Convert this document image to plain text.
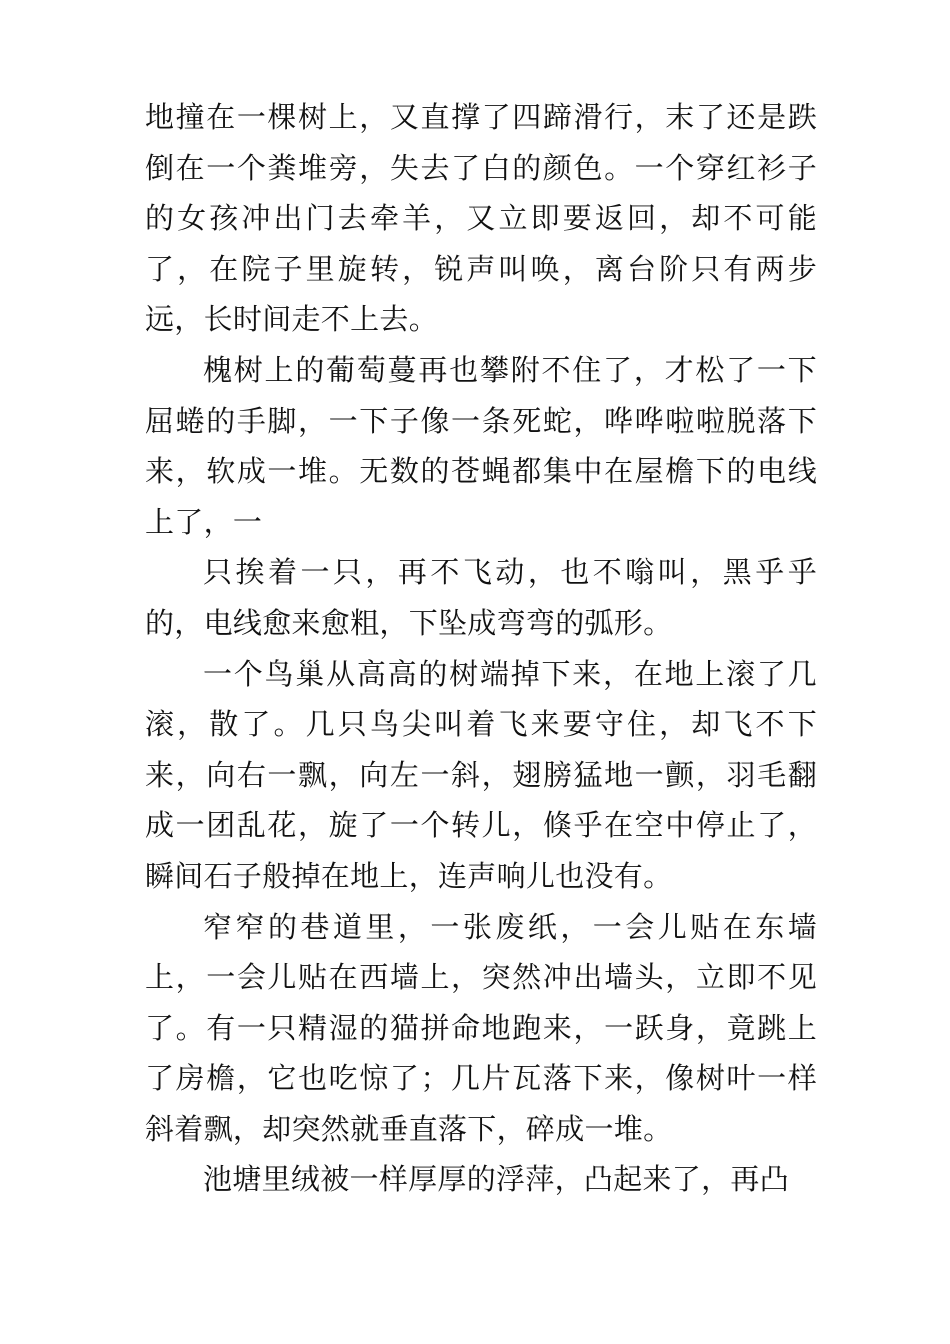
地撞在一棵树上，又直撑了四蹄滑行，末了还是跌倒在一个粪堆旁，失去了白的颜色。一个穿红衫子的女孩冲出门去牵羊，又立即要返回，却不可能了，在院子里旋转，锐声叫唤，离台阶只有两步远，长时间走不上去。

槐树上的葡萄蔓再也攀附不住了，才松了一下屈蜷的手脚，一下子像一条死蛇，哗哗啦啦脱落下来，软成一堆。无数的苍蝇都集中在屋檐下的电线上了，一

只挨着一只，再不飞动，也不嗡叫，黑乎乎的，电线愈来愈粗，下坠成弯弯的弧形。

一个鸟巢从高高的树端掉下来，在地上滚了几滚，散了。几只鸟尖叫着飞来要守住，却飞不下来，向右一飘，向左一斜，翅膀猛地一颤，羽毛翻成一团乱花，旋了一个转儿，倏乎在空中停止了，瞬间石子般掉在地上，连声响儿也没有。

窄窄的巷道里，一张废纸，一会儿贴在东墙上，一会儿贴在西墙上，突然冲出墙头，立即不见了。有一只精湿的猫拼命地跑来，一跃身，竟跳上了房檐，它也吃惊了；几片瓦落下来，像树叶一样斜着飘，却突然就垂直落下，碎成一堆。

池塘里绒被一样厚厚的浮萍，凸起来了，再凸
